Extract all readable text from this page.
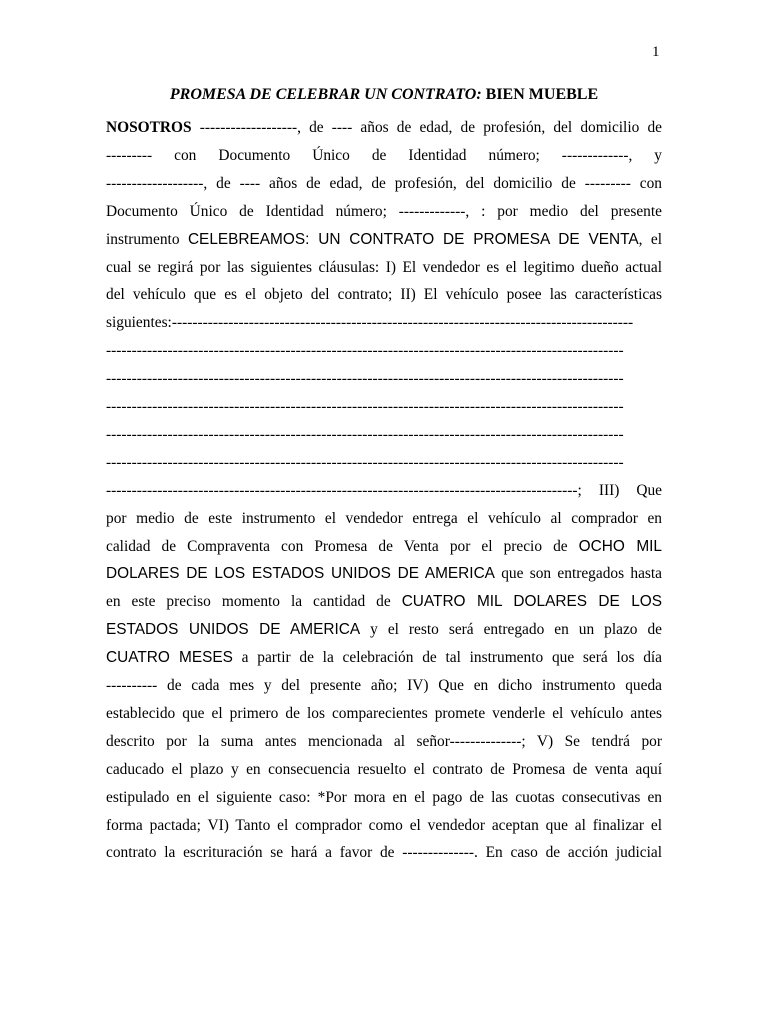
1
PROMESA DE CELEBRAR UN CONTRATO: BIEN MUEBLE
NOSOTROS -------------------, de ---- años de edad, de profesión, del domicilio de
--------- con Documento Único de Identidad número; -------------, y
-------------------, de ---- años de edad, de profesión, del domicilio de --------- con
Documento Único de Identidad número; -------------, : por medio del presente
instrumento CELEBREAMOS: UN CONTRATO DE PROMESA DE VENTA, el
cual se regirá por las siguientes cláusulas: I) El vendedor es el legitimo dueño actual
del vehículo que es el objeto del contrato; II) El vehículo posee las características
siguientes:------------------------------------------------------------------------------------------
-----------------------------------------------------------------------------------------------------
-----------------------------------------------------------------------------------------------------
-----------------------------------------------------------------------------------------------------
-----------------------------------------------------------------------------------------------------
-----------------------------------------------------------------------------------------------------
--------------------------------------------------------------------------------------------; III) Que
por medio de este instrumento el vendedor entrega el vehículo al comprador en
calidad de Compraventa con Promesa de Venta por el precio de OCHO MIL
DOLARES DE LOS ESTADOS UNIDOS DE AMERICA que son entregados hasta
en este preciso momento la cantidad de CUATRO MIL DOLARES DE LOS
ESTADOS UNIDOS DE AMERICA y el resto será entregado en un plazo de
CUATRO MESES a partir de la celebración de tal instrumento que será los día
---------- de cada mes y del presente año; IV) Que en dicho instrumento queda
establecido que el primero de los comparecientes promete venderle el vehículo antes
descrito por la suma antes mencionada al señor--------------; V) Se tendrá por
caducado el plazo y en consecuencia resuelto el contrato de Promesa de venta aquí
estipulado en el siguiente caso: *Por mora en el pago de las cuotas consecutivas en
forma pactada; VI) Tanto el comprador como el vendedor aceptan que al finalizar el
contrato la escrituración se hará a favor de --------------. En caso de acción judicial
